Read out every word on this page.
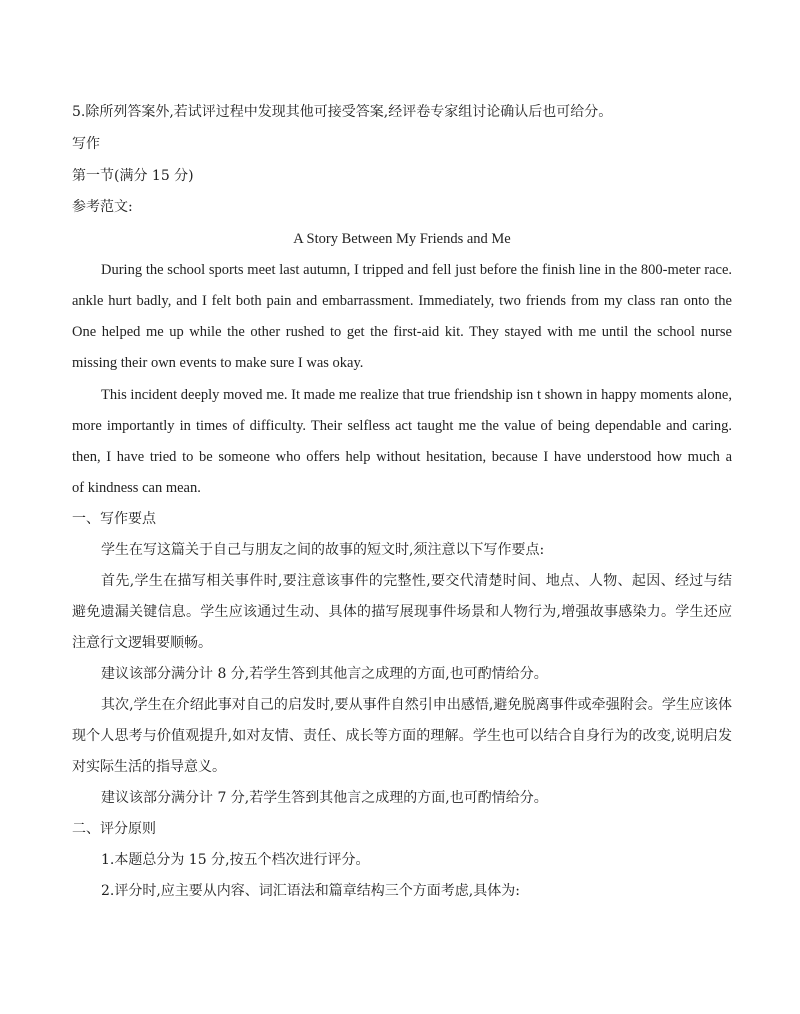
5.除所列答案外,若试评过程中发现其他可接受答案,经评卷专家组讨论确认后也可给分。
写作
第一节(满分 15 分)
参考范文:
A Story Between My Friends and Me
During the school sports meet last autumn, I tripped and fell just before the finish line in the 800-meter race.
ankle hurt badly, and I felt both pain and embarrassment. Immediately, two friends from my class ran onto the
One helped me up while the other rushed to get the first-aid kit. They stayed with me until the school nurse
missing their own events to make sure I was okay.
This incident deeply moved me. It made me realize that true friendship isn t shown in happy moments alone,
more importantly in times of difficulty. Their selfless act taught me the value of being dependable and caring.
then, I have tried to be someone who offers help without hesitation, because I have understood how much a
of kindness can mean.
一、写作要点
学生在写这篇关于自己与朋友之间的故事的短文时,须注意以下写作要点:
首先,学生在描写相关事件时,要注意该事件的完整性,要交代清楚时间、地点、人物、起因、经过与结
避免遗漏关键信息。学生应该通过生动、具体的描写展现事件场景和人物行为,增强故事感染力。学生还应
注意行文逻辑要顺畅。
建议该部分满分计 8 分,若学生答到其他言之成理的方面,也可酌情给分。
其次,学生在介绍此事对自己的启发时,要从事件自然引申出感悟,避免脱离事件或牵强附会。学生应该体
现个人思考与价值观提升,如对友情、责任、成长等方面的理解。学生也可以结合自身行为的改变,说明启发
对实际生活的指导意义。
建议该部分满分计 7 分,若学生答到其他言之成理的方面,也可酌情给分。
二、评分原则
1.本题总分为 15 分,按五个档次进行评分。
2.评分时,应主要从内容、词汇语法和篇章结构三个方面考虑,具体为:
